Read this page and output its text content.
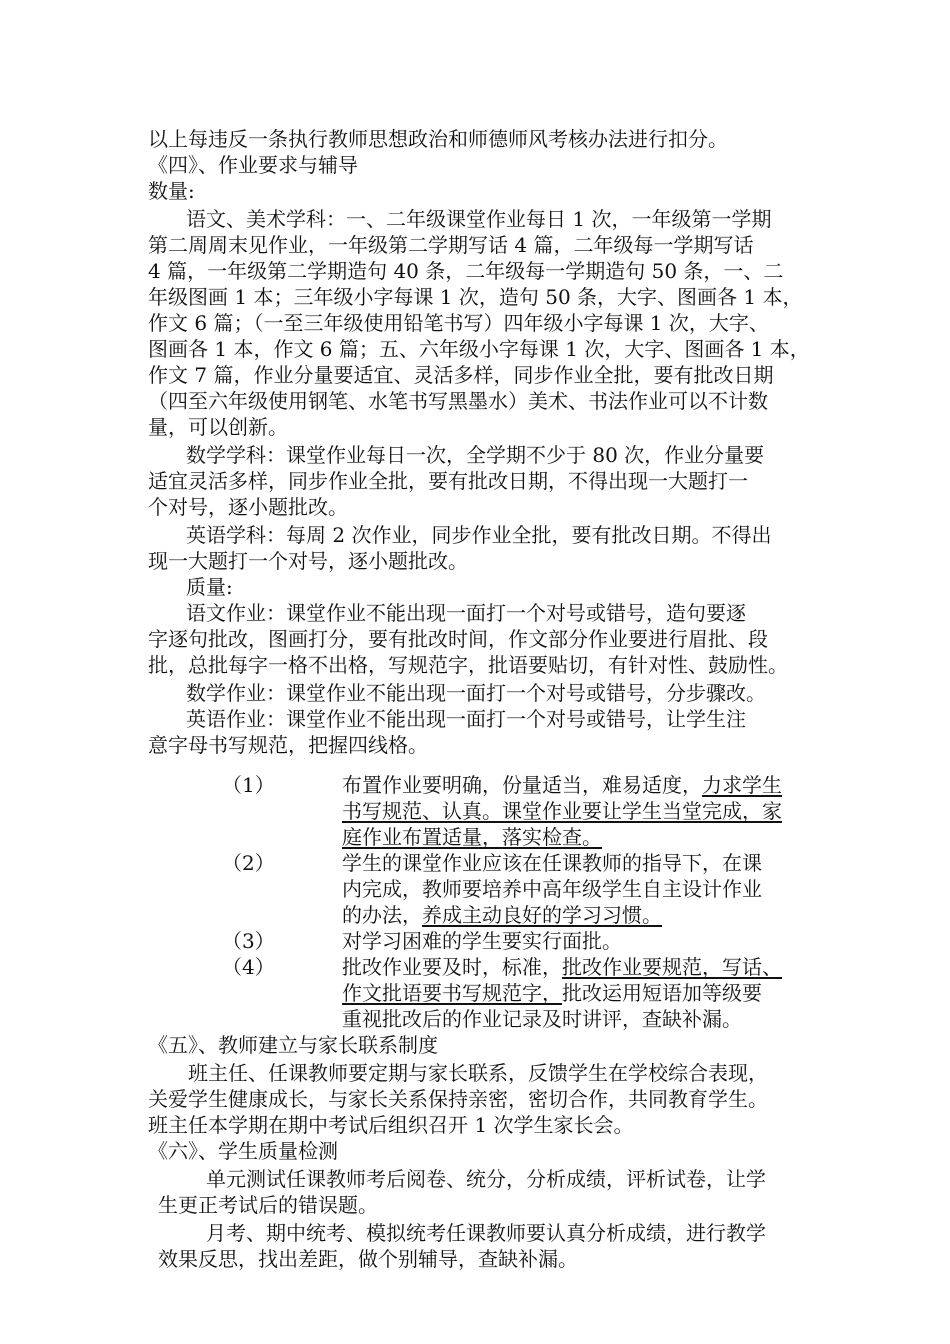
以上每违反一条执行教师思想政治和师德师风考核办法进行扣分。
《四》、作业要求与辅导
数量:
语文、美术学科：一、二年级课堂作业每日 1 次，一年级第一学期
第二周周末见作业，一年级第二学期写话 4 篇，二年级每一学期写话
4 篇，一年级第二学期造句 40 条，二年级每一学期造句 50 条，一、二
年级图画 1 本；三年级小字每课 1 次，造句 50 条，大字、图画各 1 本，
作文 6 篇；（一至三年级使用铅笔书写）四年级小字每课 1 次，大字、
图画各 1 本，作文 6 篇；五、六年级小字每课 1 次，大字、图画各 1 本，
作文 7 篇，作业分量要适宜、灵活多样，同步作业全批，要有批改日期
（四至六年级使用钢笔、水笔书写黑墨水）美术、书法作业可以不计数
量，可以创新。
数学学科：课堂作业每日一次，全学期不少于 80 次，作业分量要
适宜灵活多样，同步作业全批，要有批改日期，不得出现一大题打一
个对号，逐小题批改。
英语学科：每周 2 次作业，同步作业全批，要有批改日期。不得出
现一大题打一个对号，逐小题批改。
质量:
语文作业：课堂作业不能出现一面打一个对号或错号，造句要逐
字逐句批改，图画打分，要有批改时间，作文部分作业要进行眉批、段
批，总批每字一格不出格，写规范字，批语要贴切，有针对性、鼓励性。
数学作业：课堂作业不能出现一面打一个对号或错号，分步骤改。
英语作业：课堂作业不能出现一面打一个对号或错号，让学生注
意字母书写规范，把握四线格。
（1）	布置作业要明确，份量适当，难易适度，力求学生
书写规范、认真。课堂作业要让学生当堂完成，家
庭作业布置适量，落实检查。
（2）	学生的课堂作业应该在任课教师的指导下，在课
内完成，教师要培养中高年级学生自主设计作业
的办法，养成主动良好的学习习惯。
（3）	对学习困难的学生要实行面批。
（4）	批改作业要及时，标准，批改作业要规范，写话、
作文批语要书写规范字，批改运用短语加等级要
重视批改后的作业记录及时讲评，查缺补漏。
《五》、教师建立与家长联系制度
班主任、任课教师要定期与家长联系，反馈学生在学校综合表现，
关爱学生健康成长，与家长关系保持亲密，密切合作，共同教育学生。
班主任本学期在期中考试后组织召开 1 次学生家长会。
《六》、学生质量检测
单元测试任课教师考后阅卷、统分，分析成绩，评析试卷，让学
生更正考试后的错误题。
月考、期中统考、模拟统考任课教师要认真分析成绩，进行教学
效果反思，找出差距，做个别辅导，查缺补漏。
